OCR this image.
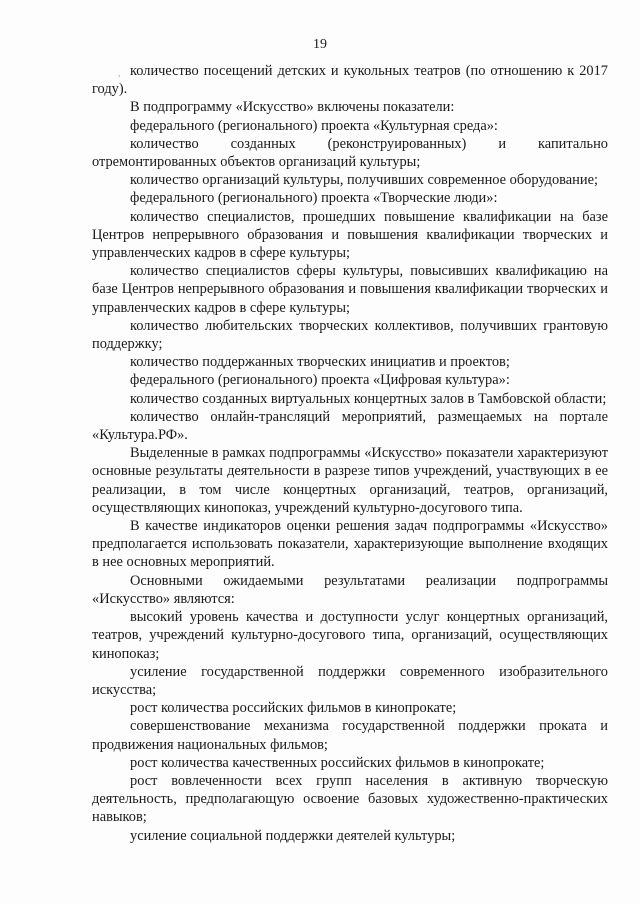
19
, количество посещений детских и кукольных театров (по отношению к 2017 году).

В подпрограмму «Искусство» включены показатели:

федерального (регионального) проекта «Культурная среда»:

количество созданных (реконструированных) и капитально отремонтированных объектов организаций культуры;

количество организаций культуры, получивших современное оборудование;

федерального (регионального) проекта «Творческие люди»:

количество специалистов, прошедших повышение квалификации на базе Центров непрерывного образования и повышения квалификации творческих и управленческих кадров в сфере культуры;

количество специалистов сферы культуры, повысивших квалификацию на базе Центров непрерывного образования и повышения квалификации творческих и управленческих кадров в сфере культуры;

количество любительских творческих коллективов, получивших грантовую поддержку;

количество поддержанных творческих инициатив и проектов;

федерального (регионального) проекта «Цифровая культура»:

количество созданных виртуальных концертных залов в Тамбовской области;

количество онлайн-трансляций мероприятий, размещаемых на портале «Культура.РФ».

Выделенные в рамках подпрограммы «Искусство» показатели характеризуют основные результаты деятельности в разрезе типов учреждений, участвующих в ее реализации, в том числе концертных организаций, театров, организаций, осуществляющих кинопоказ, учреждений культурно-досугового типа.

В качестве индикаторов оценки решения задач подпрограммы «Искусство» предполагается использовать показатели, характеризующие выполнение входящих в нее основных мероприятий.

Основными ожидаемыми результатами реализации подпрограммы «Искусство» являются:

высокий уровень качества и доступности услуг концертных организаций, театров, учреждений культурно-досугового типа, организаций, осуществляющих кинопоказ;

усиление государственной поддержки современного изобразительного искусства;

рост количества российских фильмов в кинопрокате;

совершенствование механизма государственной поддержки проката и продвижения национальных фильмов;

рост количества качественных российских фильмов в кинопрокате;

рост вовлеченности всех групп населения в активную творческую деятельность, предполагающую освоение базовых художественно-практических навыков;

усиление социальной поддержки деятелей культуры;
